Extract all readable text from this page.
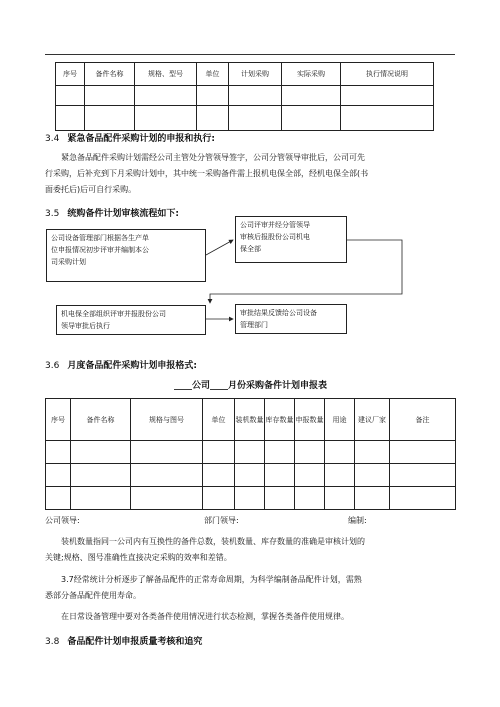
序号	备件名称	规格、型号	单位	计划采购	实际采购	执行情况说明

3.4 紧急备品配件采购计划的申报和执行:
紧急备品配件采购计划需经公司主管处分管领导签字，公司分管领导审批后，公司可先
行采购，后补充到下月采购计划中，其中统一采购备件需上报机电保全部，经机电保全部(书
面委托后)后可自行采购。
3.5 统购备件计划审核流程如下:
公司设备管理部门根据各生产单
位申报情况初步评审并编制本公
司采购计划
公司评审并经分管领导
审核后报股份公司机电
保全部
机电保全部组织评审并报股份公司
领导审批后执行
审批结果反馈给公司设备
管理部门
3.6 月度备品配件采购计划申报格式:
____公司____月份采购备件计划申报表
序号	备件名称	规格与图号	单位	装机数量	库存数量	申报数量	用途	建议厂家	备注

公司领导:	部门领导:	编制:
装机数量指同一公司内有互换性的备件总数，装机数量、库存数量的准确是审核计划的
关键;规格、图号准确性直接决定采购的效率和差错。
3.7经常统计分析逐步了解备品配件的正常寿命周期，为科学编制备品配件计划，需熟
悉部分备品配件使用寿命。
在日常设备管理中要对各类备件使用情况进行状态检测，掌握各类备件使用规律。
3.8 备品配件计划申报质量考核和追究
